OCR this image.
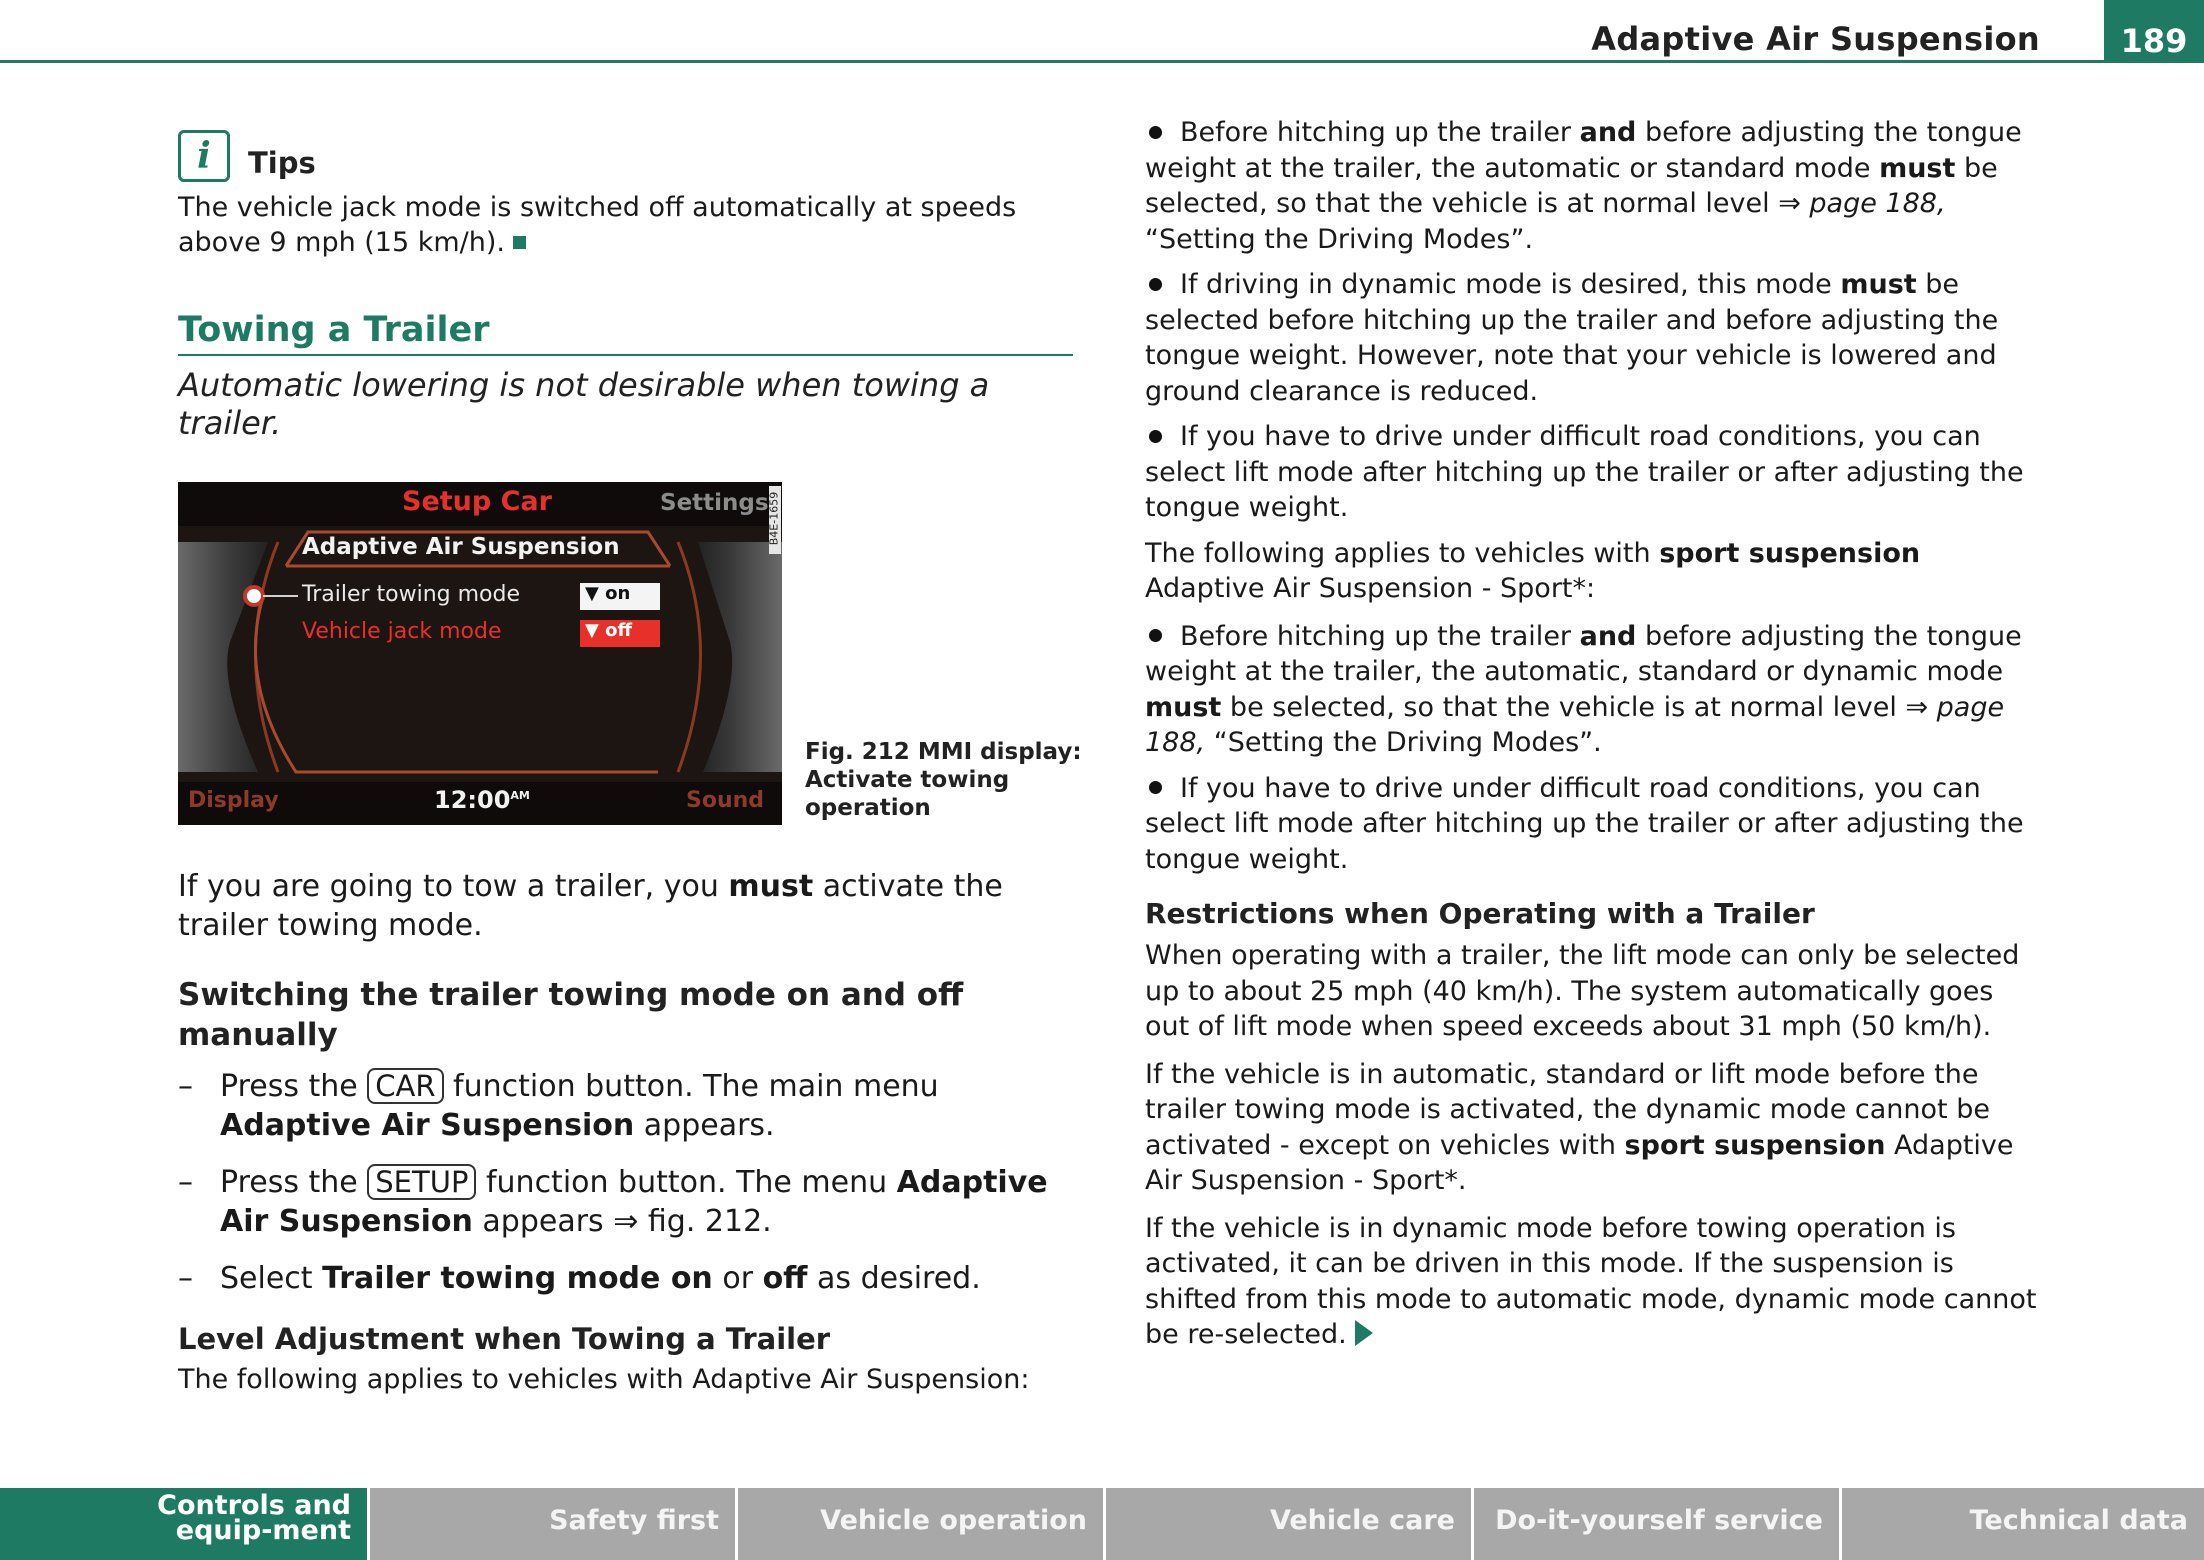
Adaptive Air Suspension	189
i Tips
The vehicle jack mode is switched off automatically at speeds above 9 mph (15 km/h).
Towing a Trailer
Automatic lowering is not desirable when towing a trailer.
Setup Car	Settings
B4E-1659
Adaptive Air Suspension
Trailer towing mode	▼ on
Vehicle jack mode	▼ off
Display	$12:00^{AM}$	Sound
Fig. 212 MMI display: Activate towing operation
If you are going to tow a trailer, you must activate the trailer towing mode.
Switching the trailer towing mode on and off manually
– Press the CAR function button. The main menu Adaptive Air Suspension appears.
– Press the SETUP function button. The menu Adaptive Air Suspension appears ⇒ fig. 212.
– Select Trailer towing mode on or off as desired.
Level Adjustment when Towing a Trailer
The following applies to vehicles with Adaptive Air Suspension:
Before hitching up the trailer and before adjusting the tongue weight at the trailer, the automatic or standard mode must be selected, so that the vehicle is at normal level ⇒ page 188, “Setting the Driving Modes”.
If driving in dynamic mode is desired, this mode must be selected before hitching up the trailer and before adjusting the tongue weight. However, note that your vehicle is lowered and ground clearance is reduced.
If you have to drive under difficult road conditions, you can select lift mode after hitching up the trailer or after adjusting the tongue weight.
The following applies to vehicles with sport suspension Adaptive Air Suspension - Sport*:
Before hitching up the trailer and before adjusting the tongue weight at the trailer, the automatic, standard or dynamic mode must be selected, so that the vehicle is at normal level ⇒ page 188, “Setting the Driving Modes”.
If you have to drive under difficult road conditions, you can select lift mode after hitching up the trailer or after adjusting the tongue weight.
Restrictions when Operating with a Trailer
When operating with a trailer, the lift mode can only be selected up to about 25 mph (40 km/h). The system automatically goes out of lift mode when speed exceeds about 31 mph (50 km/h).
If the vehicle is in automatic, standard or lift mode before the trailer towing mode is activated, the dynamic mode cannot be activated - except on vehicles with sport suspension Adaptive Air Suspension - Sport*.
If the vehicle is in dynamic mode before towing operation is activated, it can be driven in this mode. If the suspension is shifted from this mode to automatic mode, dynamic mode cannot be re-selected.
Controls and equip-ment	Safety first	Vehicle operation	Vehicle care	Do-it-yourself service	Technical data
